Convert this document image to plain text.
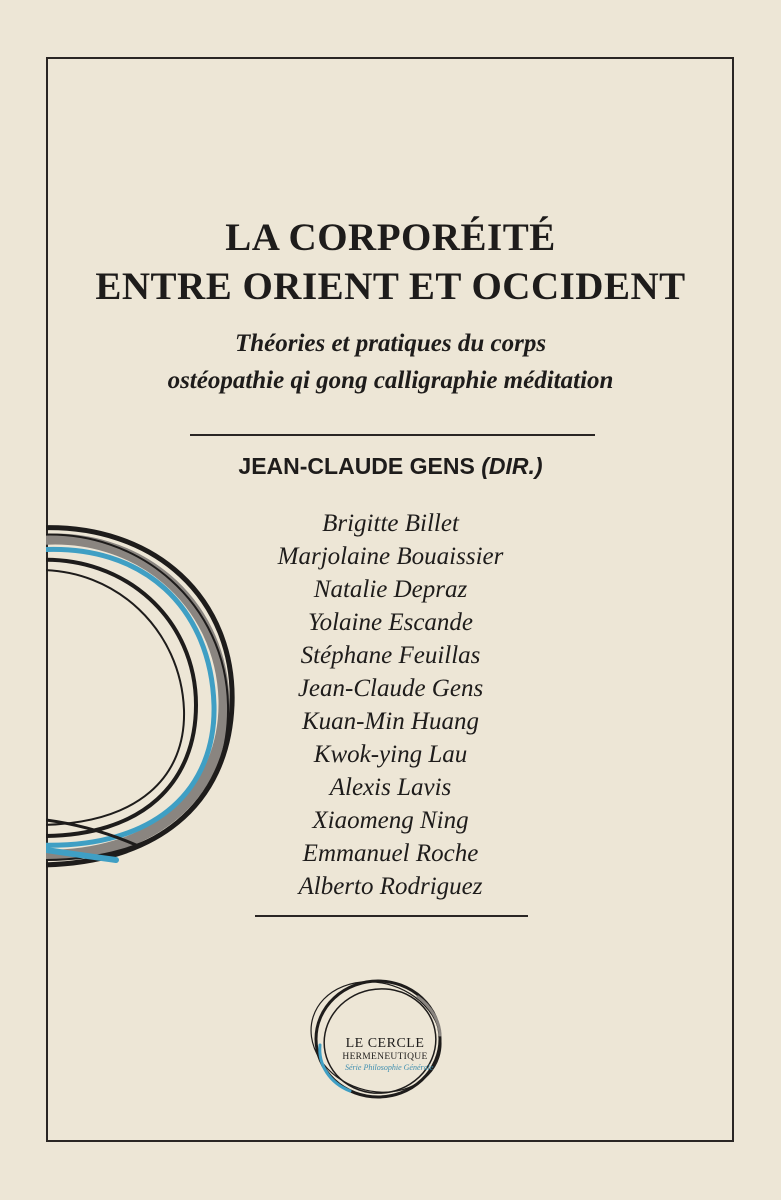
LA CORPORÉITÉ
ENTRE ORIENT ET OCCIDENT

Théories et pratiques du corps

ostéopathie qi gong calligraphie méditation

JEAN-CLAUDE GENS (DIR.)
Brigitte Billet
Marjolaine Bouaissier
Natalie Depraz
Yolaine Escande
Stéphane Feuillas
Jean-Claude Gens
Kuan-Min Huang
Kwok-ying Lau
Alexis Lavis
Xiaomeng Ning
Emmanuel Roche
Alberto Rodriguez
LE CERCLE
HERMENEUTIQUE
Série Philosophie Générale
